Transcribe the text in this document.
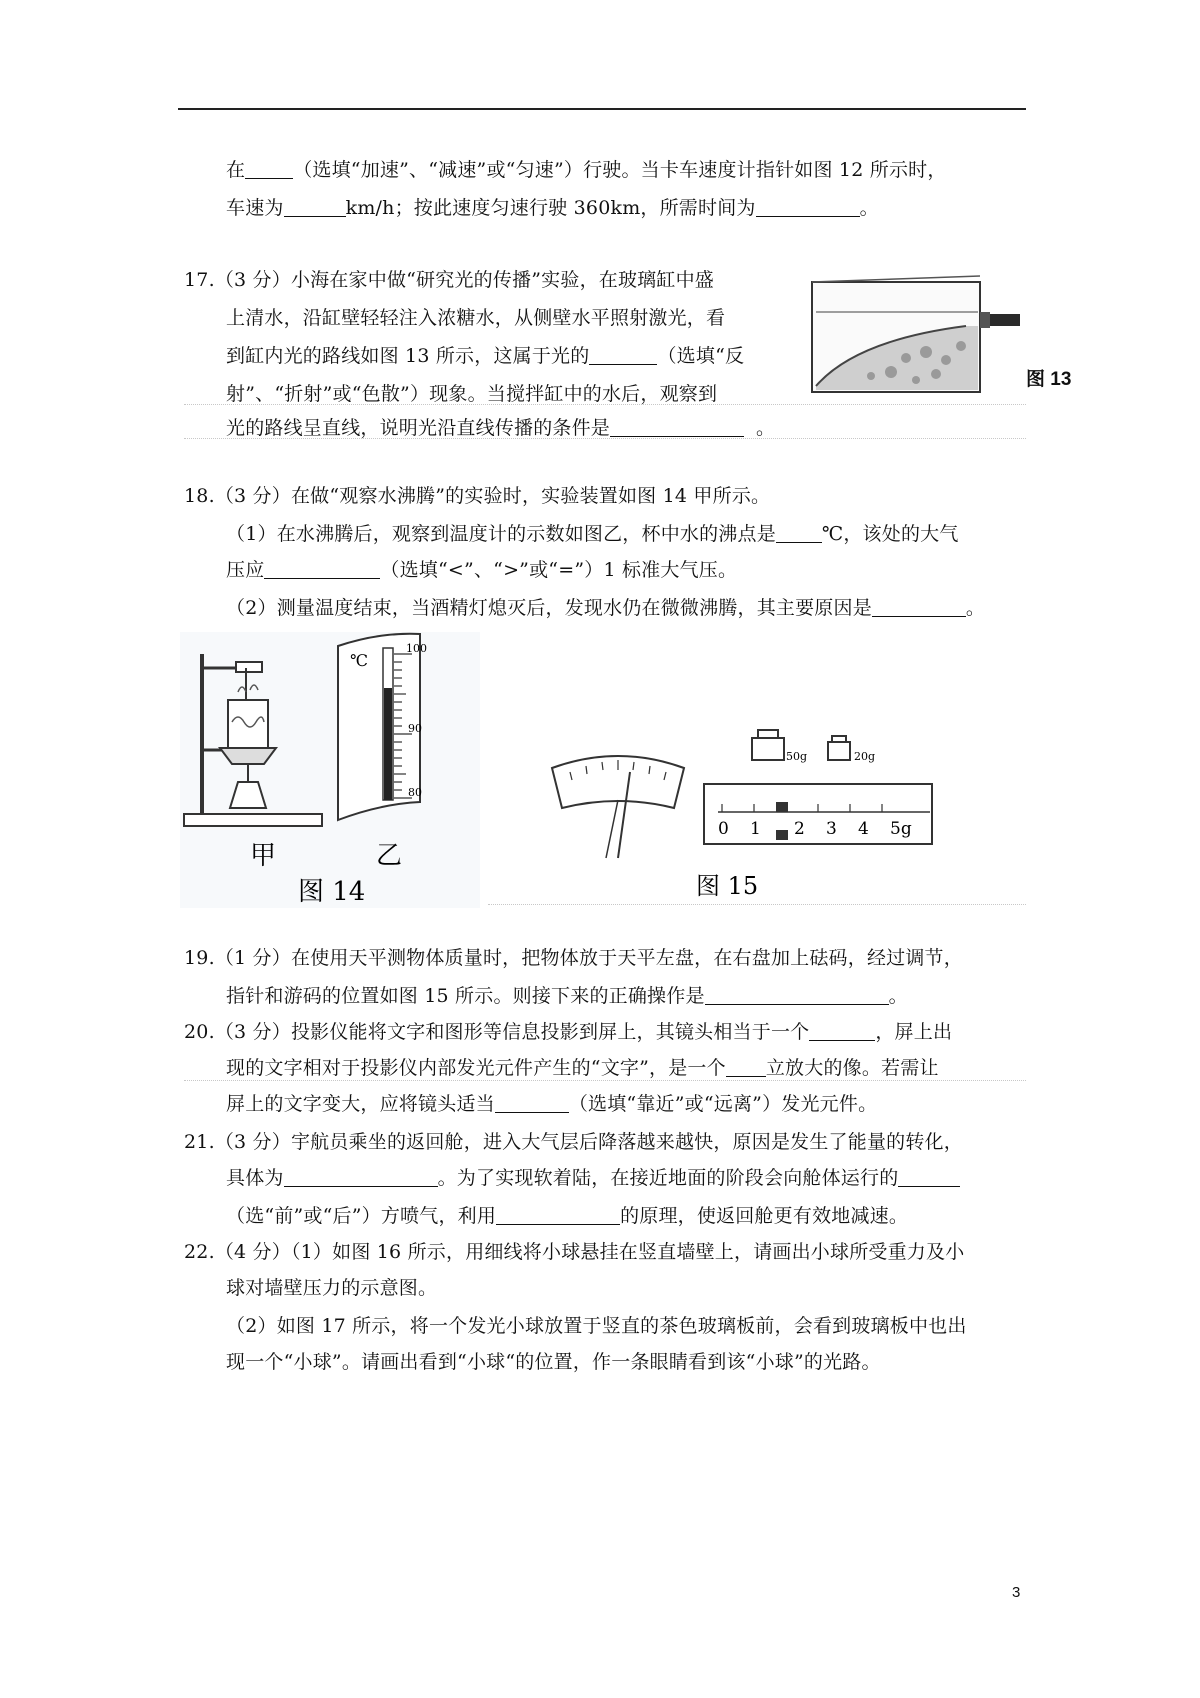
在	（选填“加速”、“减速”或“匀速”）行驶。当卡车速度计指针如图 12 所示时，
车速为	km/h；按此速度匀速行驶 360km，所需时间为	。
17.（3 分）小海在家中做“研究光的传播”实验，在玻璃缸中盛
上清水，沿缸壁轻轻注入浓糖水，从侧壁水平照射激光，看
到缸内光的路线如图 13 所示，这属于光的	（选填“反
射”、“折射”或“色散”）现象。当搅拌缸中的水后，观察到
光的路线呈直线，说明光沿直线传播的条件是	。
图 13
18.（3 分）在做“观察水沸腾”的实验时，实验装置如图 14 甲所示。
（1）在水沸腾后，观察到温度计的示数如图乙，杯中水的沸点是 ℃，该处的大气
压应	（选填“<”、“>”或“=”）1 标准大气压。
（2）测量温度结束，当酒精灯熄灭后，发现水仍在微微沸腾，其主要原因是	。
℃
100
90
80
甲	乙
图 14
50g	20g
0 1 2 3 4 5g
图 15
19.（1 分）在使用天平测物体质量时，把物体放于天平左盘，在右盘加上砝码，经过调节，
指针和游码的位置如图 15 所示。则接下来的正确操作是	。
20.（3 分）投影仪能将文字和图形等信息投影到屏上，其镜头相当于一个	，屏上出
现的文字相对于投影仪内部发光元件产生的“文字”，是一个 立放大的像。若需让
屏上的文字变大，应将镜头适当	（选填“靠近”或“远离”）发光元件。
21.（3 分）宇航员乘坐的返回舱，进入大气层后降落越来越快，原因是发生了能量的转化，
具体为	。为了实现软着陆，在接近地面的阶段会向舱体运行的
（选“前”或“后”）方喷气，利用	的原理，使返回舱更有效地减速。
22.（4 分）（1）如图 16 所示，用细线将小球悬挂在竖直墙壁上，请画出小球所受重力及小
球对墙壁压力的示意图。
（2）如图 17 所示，将一个发光小球放置于竖直的茶色玻璃板前，会看到玻璃板中也出
现一个“小球”。请画出看到“小球“的位置，作一条眼睛看到该“小球”的光路。
3
